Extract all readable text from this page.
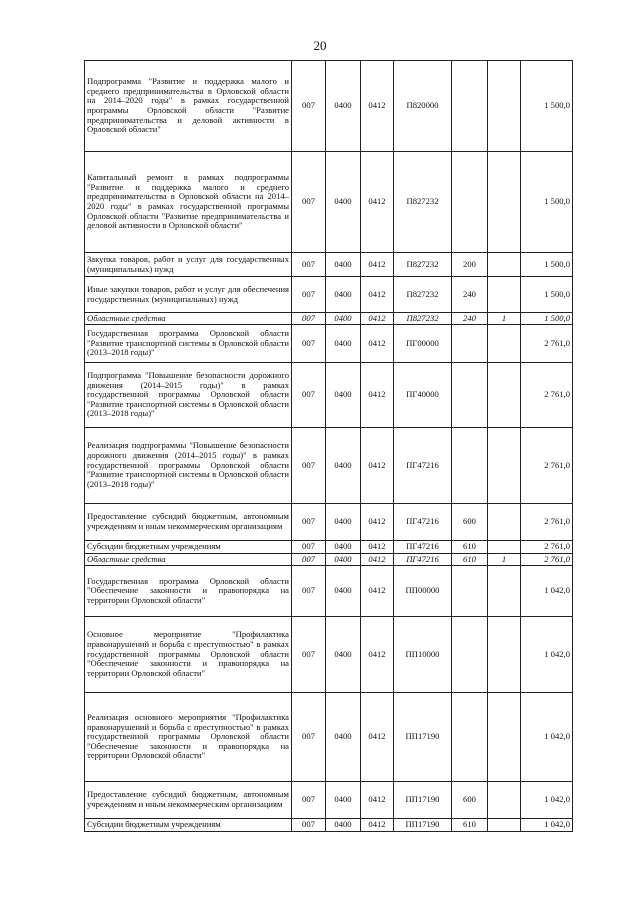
20
Подпрограмма "Развитие и поддержка малого и среднего предпринимательства в Орловской области на 2014–2020 годы" в рамках государственной программы Орловской области "Развитие предпринимательства и деловой активности в Орловской области"	007	0400	0412	П820000			1 500,0
Капитальный ремонт в рамках подпрограммы "Развитие и поддержка малого и среднего предпринимательства в Орловской области на 2014–2020 годы" в рамках государственной программы Орловской области "Развитие предпринимательства и деловой активности в Орловской области"	007	0400	0412	П827232			1 500,0
Закупка товаров, работ и услуг для государственных (муниципальных) нужд	007	0400	0412	П827232	200		1 500,0
Иные закупки товаров, работ и услуг для обеспечения государственных (муниципальных) нужд	007	0400	0412	П827232	240		1 500,0
Областные средства	007	0400	0412	П827232	240	1	1 500,0
Государственная программа Орловской области "Развитие транспортной системы в Орловской области (2013–2018 годы)"	007	0400	0412	ПГ00000			2 761,0
Подпрограмма "Повышение безопасности дорожного движения (2014–2015 годы)" в рамках государственной программы Орловской области "Развитие транспортной системы в Орловской области (2013–2018 годы)"	007	0400	0412	ПГ40000			2 761,0
Реализация подпрограммы "Повышение безопасности дорожного движения (2014–2015 годы)" в рамках государственной программы Орловской области "Развитие транспортной системы в Орловской области (2013–2018 годы)"	007	0400	0412	ПГ47216			2 761,0
Предоставление субсидий бюджетным, автономным учреждениям и иным некоммерческим организациям	007	0400	0412	ПГ47216	600		2 761,0
Субсидии бюджетным учреждениям	007	0400	0412	ПГ47216	610		2 761,0
Областные средства	007	0400	0412	ПГ47216	610	1	2 761,0
Государственная программа Орловской области "Обеспечение законности и правопорядка на территории Орловской области"	007	0400	0412	ПП00000			1 042,0
Основное мероприятие "Профилактика правонарушений и борьба с преступностью" в рамках государственной программы Орловской области "Обеспечение законности и правопорядка на территории Орловской области"	007	0400	0412	ПП10000			1 042,0
Реализация основного мероприятия "Профилактика правонарушений и борьба с преступностью" в рамках государственной программы Орловской области "Обеспечение законности и правопорядка на территории Орловской области"	007	0400	0412	ПП17190			1 042,0
Предоставление субсидий бюджетным, автономным учреждениям и иным некоммерческим организациям	007	0400	0412	ПП17190	600		1 042,0
Субсидии бюджетным учреждениям	007	0400	0412	ПП17190	610		1 042,0
